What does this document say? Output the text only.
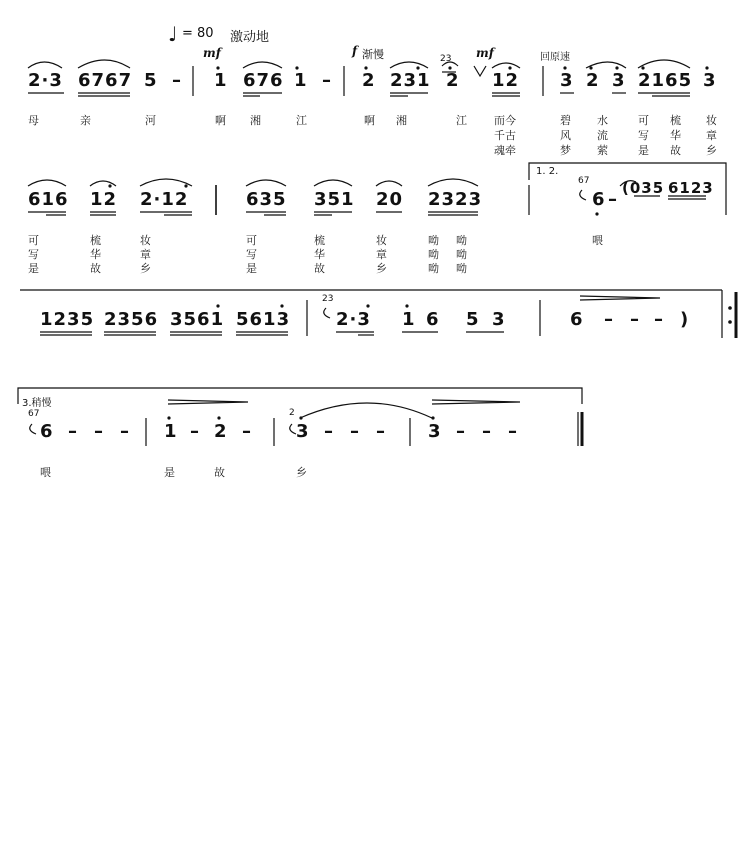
♩ = 80 激动地
mf	f 渐慢	mf	回原速
23
2·3 6767 5 – 1 676 1 – 2 231 2 12 3 2 3 2165 3
母	亲	河	啊 湘	江	啊 湘	江 而今	碧 水	可 梳 妆
千古	风 流	写 华 章
魂牵	梦 萦	是 故 乡
1. 2.
67
616 12 2·12	635 351 20 2323	6 –
(035 6123
可	梳	妆	可	梳	妆	呦 呦	喂
写	华	章	写	华	章	呦 呦
是	故	乡	是	故	乡	呦 呦
23
1235 2356 3561 5613	2·3 1 6 5 3	6 – – – )
3.稍慢
67	2
6 – – – 1 – 2 – 3 – – – 3 – – –
喂	是	故	乡
